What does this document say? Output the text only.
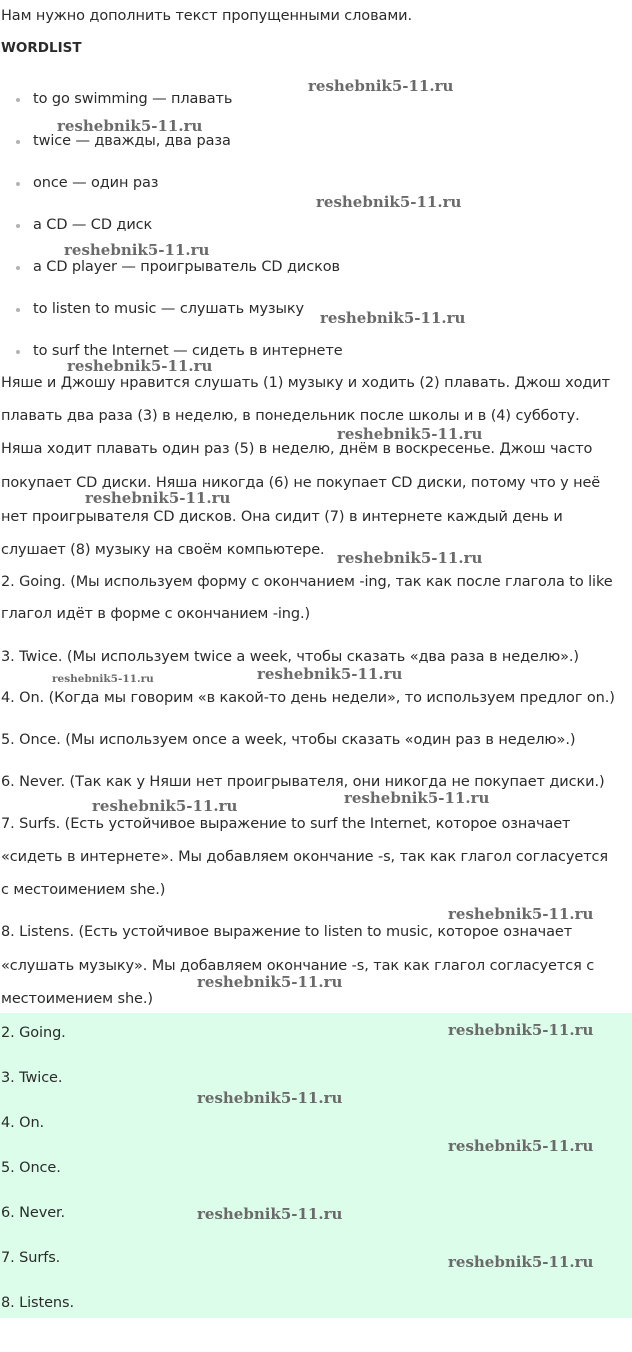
Нам нужно дополнить текст пропущенными словами.
WORDLIST
to go swimming — плавать
twice — дважды, два раза
once — один раз
a CD — CD диск
a CD player — проигрыватель CD дисков
to listen to music — слушать музыку
to surf the Internet — сидеть в интернете
Няше и Джошу нравится слушать (1) музыку и ходить (2) плавать. Джош ходит
плавать два раза (3) в неделю, в понедельник после школы и в (4) субботу.
Няша ходит плавать один раз (5) в неделю, днём в воскресенье. Джош часто
покупает CD диски. Няша никогда (6) не покупает CD диски, потому что у неё
нет проигрывателя CD дисков. Она сидит (7) в интернете каждый день и
слушает (8) музыку на своём компьютере.
2. Going. (Мы используем форму с окончанием -ing, так как после глагола to like
глагол идёт в форме с окончанием -ing.)
3. Twice. (Мы используем twice a week, чтобы сказать «два раза в неделю».)
4. On. (Когда мы говорим «в какой-то день недели», то используем предлог on.)
5. Once. (Мы используем once a week, чтобы сказать «один раз в неделю».)
6. Never. (Так как у Няши нет проигрывателя, они никогда не покупает диски.)
7. Surfs. (Есть устойчивое выражение to surf the Internet, которое означает
«сидеть в интернете». Мы добавляем окончание -s, так как глагол согласуется
с местоимением she.)
8. Listens. (Есть устойчивое выражение to listen to music, которое означает
«слушать музыку». Мы добавляем окончание -s, так как глагол согласуется с
местоимением she.)
2. Going.
3. Twice.
4. On.
5. Once.
6. Never.
7. Surfs.
8. Listens.
reshebnik5-11.ru
reshebnik5-11.ru
reshebnik5-11.ru
reshebnik5-11.ru
reshebnik5-11.ru
reshebnik5-11.ru
reshebnik5-11.ru
reshebnik5-11.ru
reshebnik5-11.ru
reshebnik5-11.ru	reshebnik5-11.ru
reshebnik5-11.ru	reshebnik5-11.ru
reshebnik5-11.ru
reshebnik5-11.ru
reshebnik5-11.ru
reshebnik5-11.ru
reshebnik5-11.ru
reshebnik5-11.ru
reshebnik5-11.ru
